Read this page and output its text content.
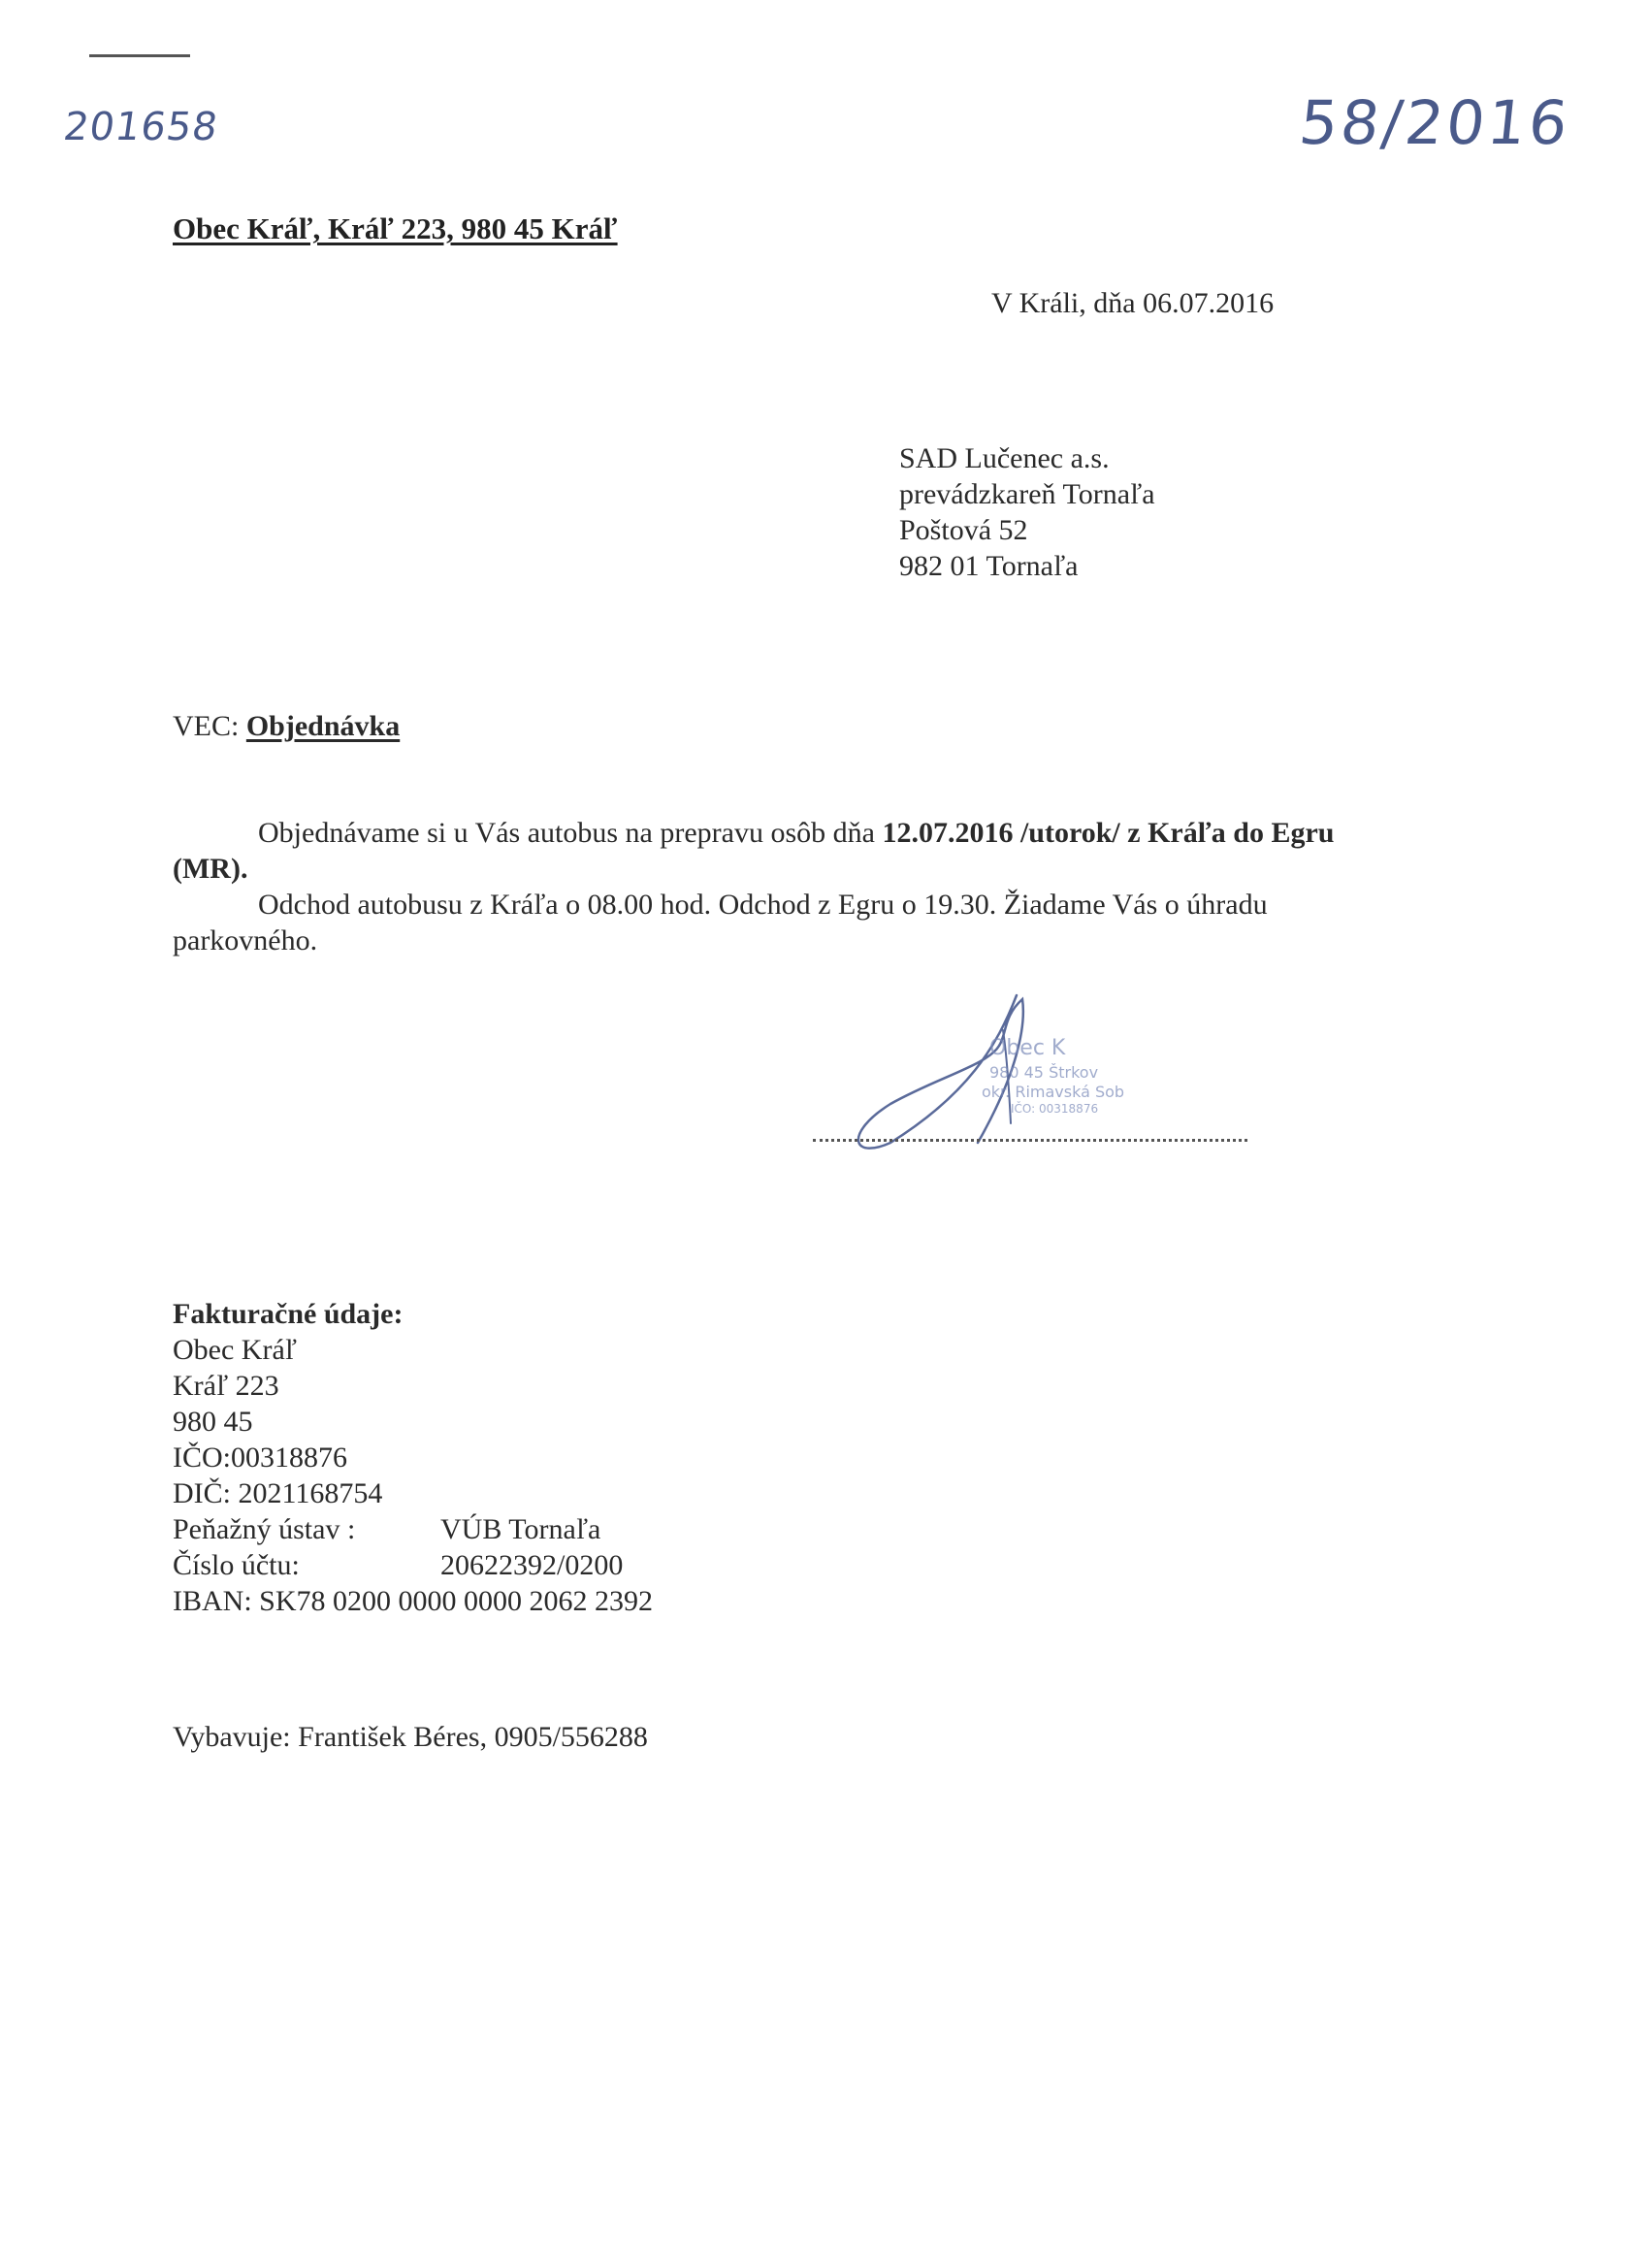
201658	58/2016
Obec Kráľ, Kráľ 223, 980 45 Kráľ
V Králi, dňa 06.07.2016
SAD Lučenec a.s.
prevádzkareň Tornaľa
Poštová 52
982 01 Tornaľa
VEC: Objednávka

Objednávame si u Vás autobus na prepravu osôb dňa 12.07.2016 /utorok/ z Kráľa do Egru (MR).

Odchod autobusu z Kráľa o 08.00 hod. Odchod z Egru o 19.30. Žiadame Vás o úhradu parkovného.

Obec K
980 45 Štrkov
okr. Rimavská Sob
IČO: 00318876
Fakturačné údaje:
Obec Kráľ
Kráľ 223
980 45
IČO:00318876
DIČ: 2021168754
Peňažný ústav :	VÚB Tornaľa
Číslo účtu:	20622392/0200
IBAN: SK78 0200 0000 0000 2062 2392
Vybavuje: František Béres, 0905/556288
